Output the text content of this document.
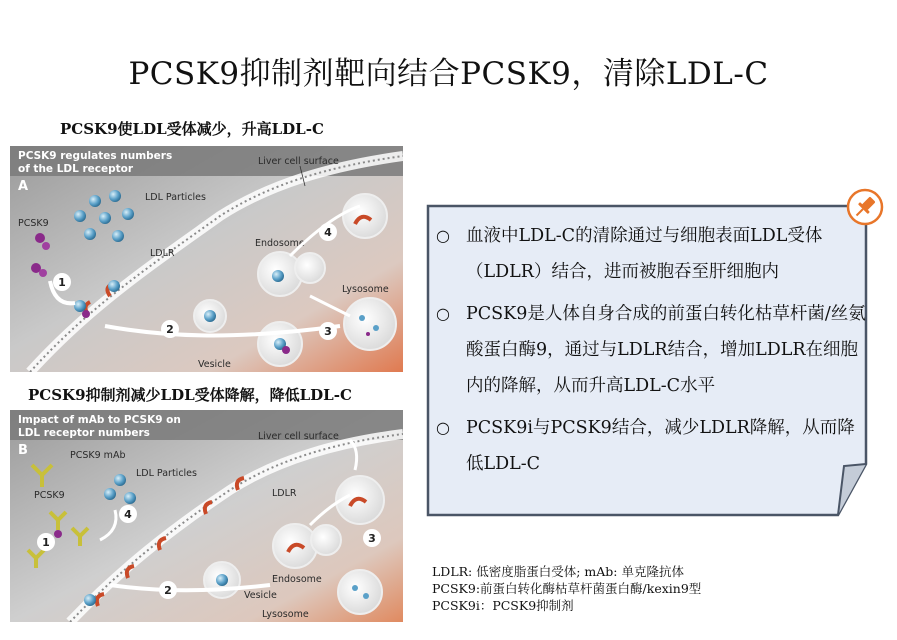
PCSK9抑制剂靶向结合PCSK9，清除LDL-C
PCSK9使LDL受体减少，升高LDL-C
PCSK9抑制剂减少LDL受体降解，降低LDL-C
PCSK9 regulates numbers
of the LDL receptor
A
Liver cell surface
LDL Particles
PCSK9
LDLR
Endosome
Lysosome
Vesicle
1
2	3
4
Impact of mAb to PCSK9 on
LDL receptor numbers
B
Liver cell surface
PCSK9 mAb
PCSK9
LDL Particles
LDLR
Endosome
Vesicle
Lysosome
1
2
3
4
○ 血液中LDL-C的清除通过与细胞表面LDL受体（LDLR）结合，进而被胞吞至肝细胞内
○ PCSK9是人体自身合成的前蛋白转化枯草杆菌/丝氨酸蛋白酶9，通过与LDLR结合，增加LDLR在细胞内的降解，从而升高LDL-C水平
○ PCSK9i与PCSK9结合，减少LDLR降解，从而降低LDL-C
LDLR: 低密度脂蛋白受体; mAb: 单克隆抗体
PCSK9:前蛋白转化酶枯草杆菌蛋白酶/kexin9型
PCSK9i：PCSK9抑制剂
